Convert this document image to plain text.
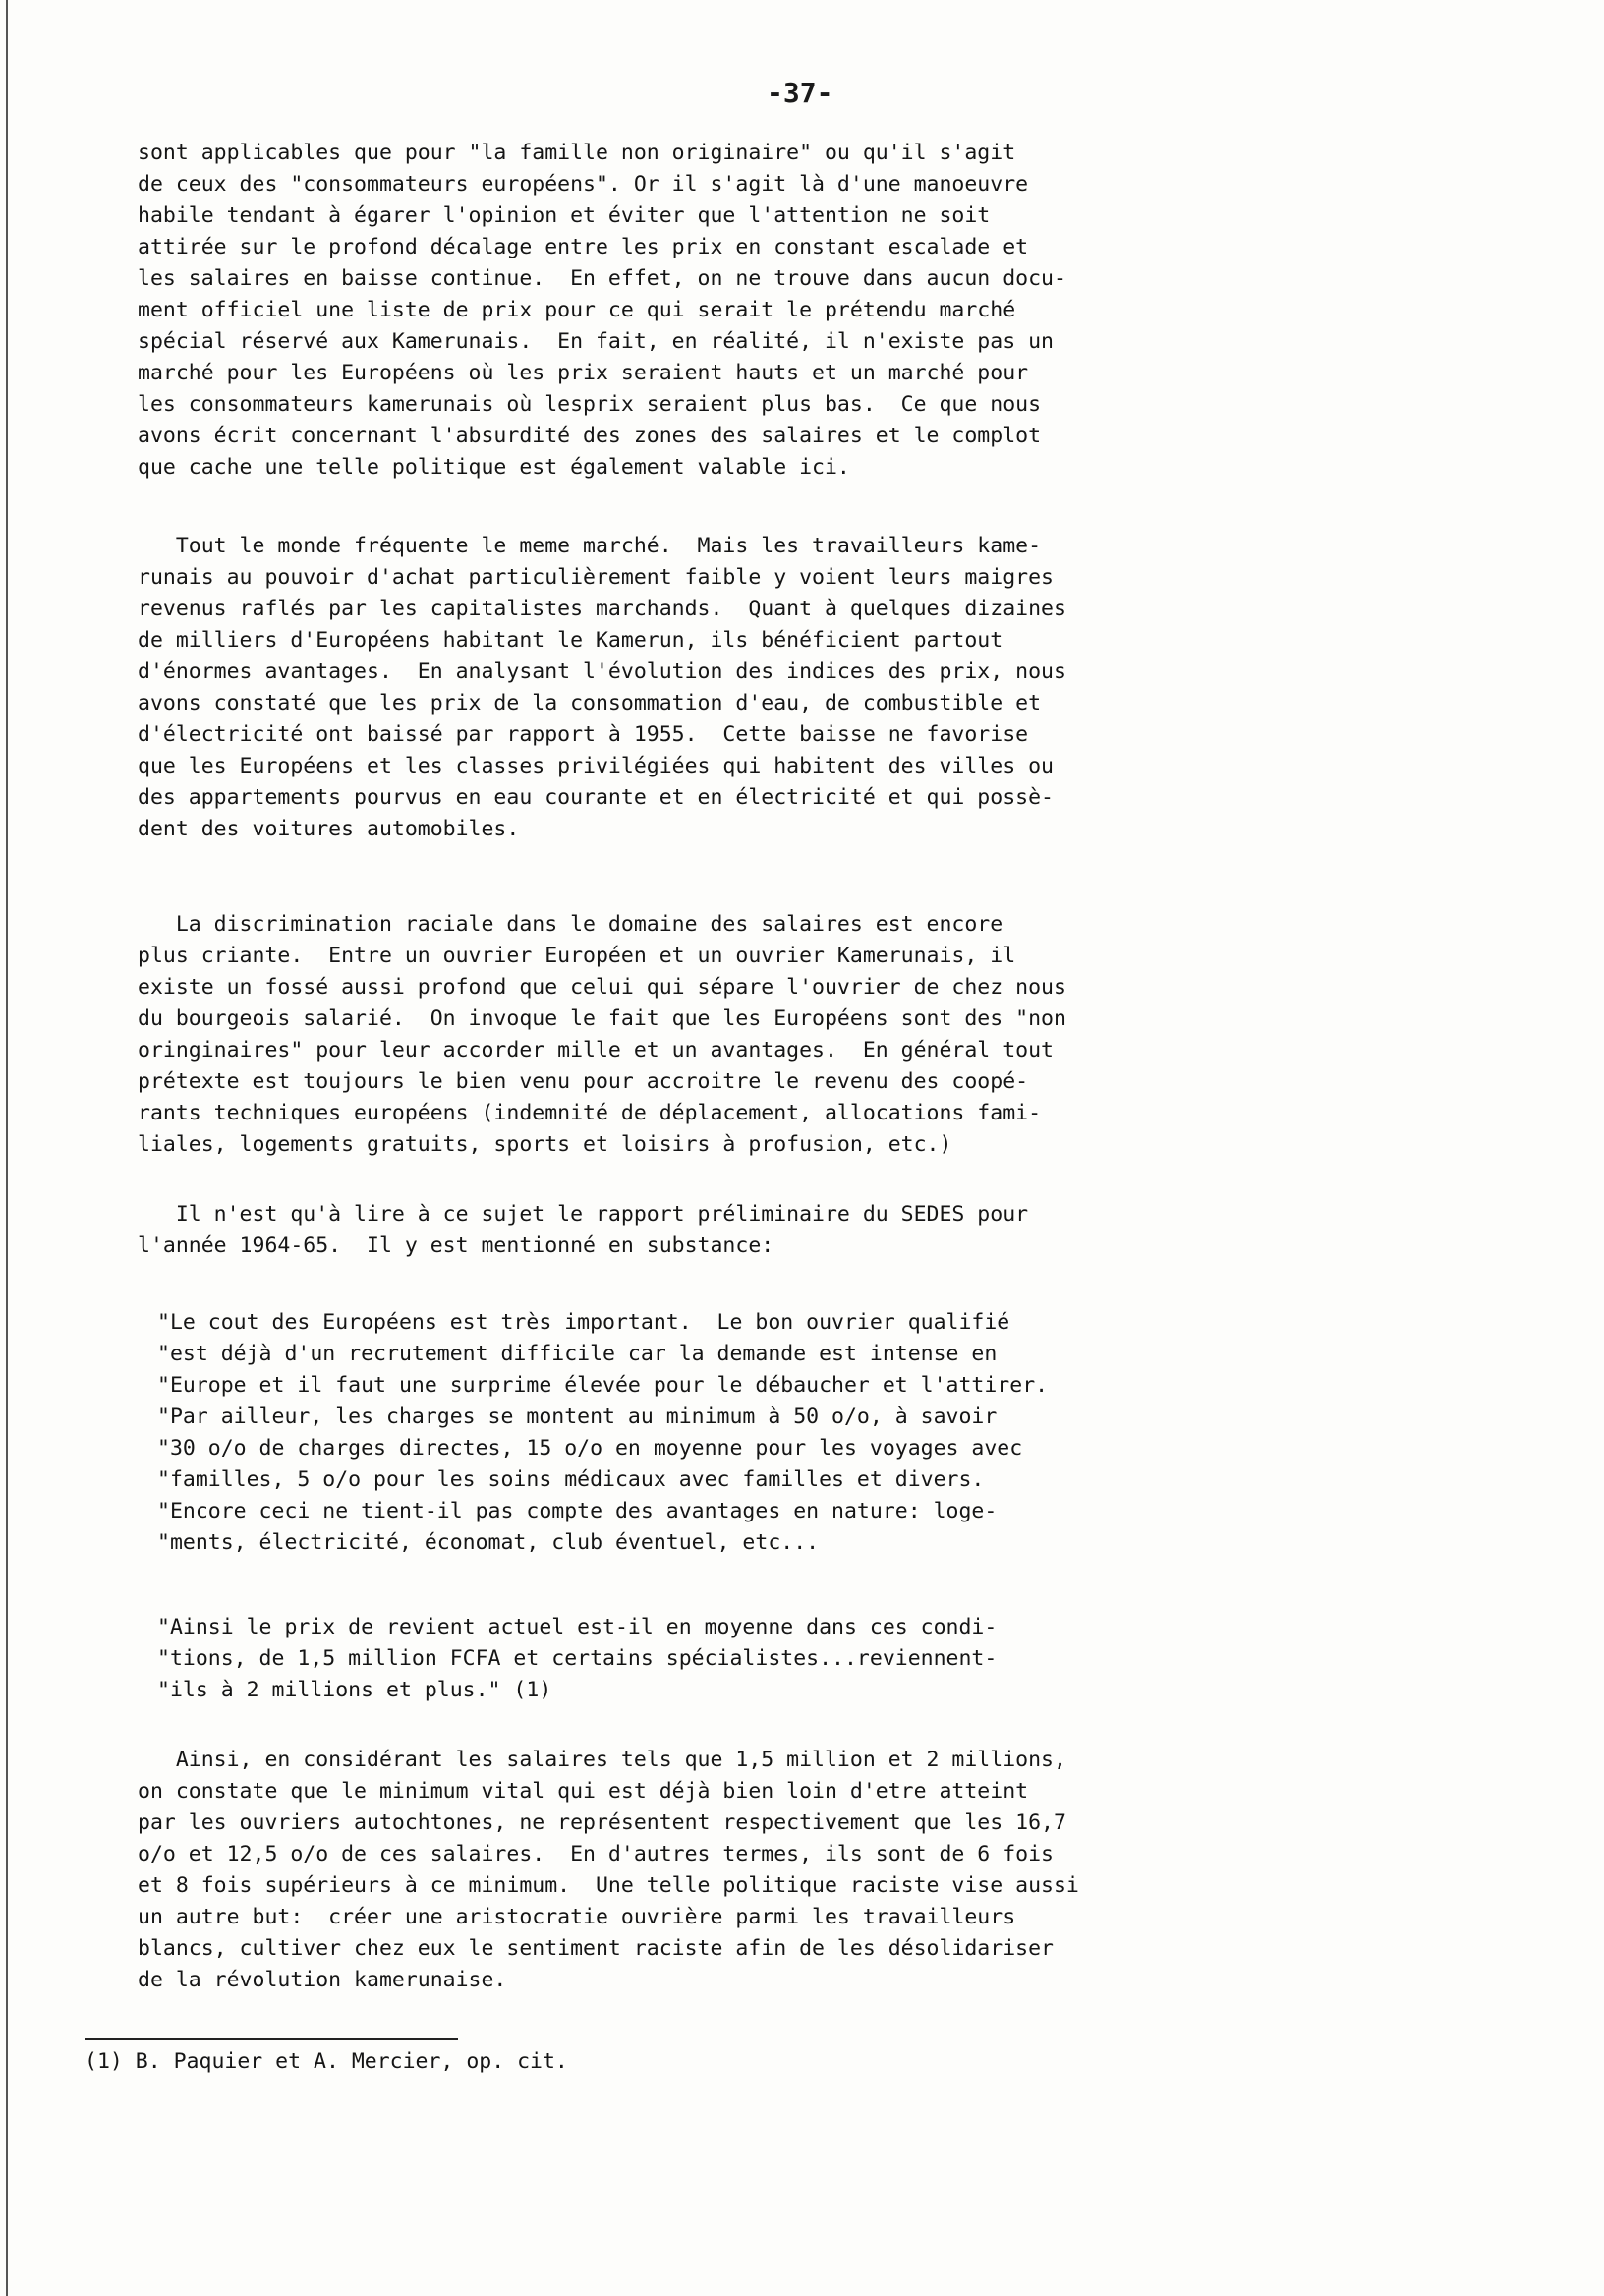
-37-
sont applicables que pour "la famille non originaire" ou qu'il s'agit
de ceux des "consommateurs européens". Or il s'agit là d'une manoeuvre
habile tendant à égarer l'opinion et éviter que l'attention ne soit
attirée sur le profond décalage entre les prix en constant escalade et
les salaires en baisse continue.  En effet, on ne trouve dans aucun docu-
ment officiel une liste de prix pour ce qui serait le prétendu marché
spécial réservé aux Kamerunais.  En fait, en réalité, il n'existe pas un
marché pour les Européens où les prix seraient hauts et un marché pour
les consommateurs kamerunais où lesprix seraient plus bas.  Ce que nous
avons écrit concernant l'absurdité des zones des salaires et le complot
que cache une telle politique est également valable ici.
Tout le monde fréquente le meme marché.  Mais les travailleurs kame-
runais au pouvoir d'achat particulièrement faible y voient leurs maigres
revenus raflés par les capitalistes marchands.  Quant à quelques dizaines
de milliers d'Européens habitant le Kamerun, ils bénéficient partout
d'énormes avantages.  En analysant l'évolution des indices des prix, nous
avons constaté que les prix de la consommation d'eau, de combustible et
d'électricité ont baissé par rapport à 1955.  Cette baisse ne favorise
que les Européens et les classes privilégiées qui habitent des villes ou
des appartements pourvus en eau courante et en électricité et qui possè-
dent des voitures automobiles.
La discrimination raciale dans le domaine des salaires est encore
plus criante.  Entre un ouvrier Européen et un ouvrier Kamerunais, il
existe un fossé aussi profond que celui qui sépare l'ouvrier de chez nous
du bourgeois salarié.  On invoque le fait que les Européens sont des "non
oringinaires" pour leur accorder mille et un avantages.  En général tout
prétexte est toujours le bien venu pour accroitre le revenu des coopé-
rants techniques européens (indemnité de déplacement, allocations fami-
liales, logements gratuits, sports et loisirs à profusion, etc.)
Il n'est qu'à lire à ce sujet le rapport préliminaire du SEDES pour
l'année 1964-65.  Il y est mentionné en substance:
"Le cout des Européens est très important.  Le bon ouvrier qualifié
"est déjà d'un recrutement difficile car la demande est intense en
"Europe et il faut une surprime élevée pour le débaucher et l'attirer.
"Par ailleur, les charges se montent au minimum à 50 o/o, à savoir
"30 o/o de charges directes, 15 o/o en moyenne pour les voyages avec
"familles, 5 o/o pour les soins médicaux avec familles et divers.
"Encore ceci ne tient-il pas compte des avantages en nature: loge-
"ments, électricité, économat, club éventuel, etc...
"Ainsi le prix de revient actuel est-il en moyenne dans ces condi-
"tions, de 1,5 million FCFA et certains spécialistes...reviennent-
"ils à 2 millions et plus." (1)
Ainsi, en considérant les salaires tels que 1,5 million et 2 millions,
on constate que le minimum vital qui est déjà bien loin d'etre atteint
par les ouvriers autochtones, ne représentent respectivement que les 16,7
o/o et 12,5 o/o de ces salaires.  En d'autres termes, ils sont de 6 fois
et 8 fois supérieurs à ce minimum.  Une telle politique raciste vise aussi
un autre but:  créer une aristocratie ouvrière parmi les travailleurs
blancs, cultiver chez eux le sentiment raciste afin de les désolidariser
de la révolution kamerunaise.
(1) B. Paquier et A. Mercier, op. cit.
